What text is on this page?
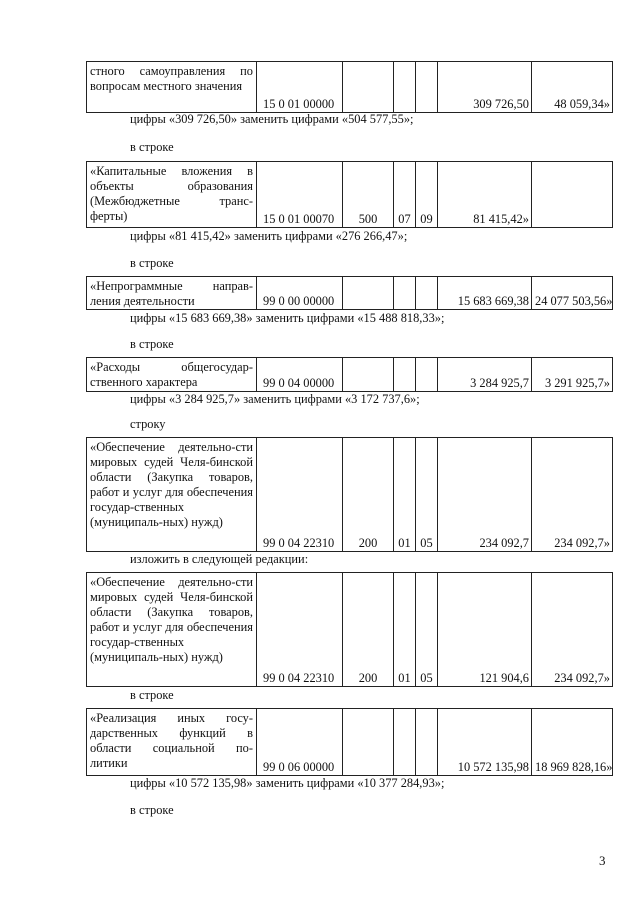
стного самоуправления по вопросам местного значения	15 0 01 00000				309 726,50	48 059,34»
цифры «309 726,50» заменить цифрами «504 577,55»;
в строке
«Капитальные вложения в объекты образования (Межбюджетные транс-ферты)	15 0 01 00070	500	07	09	81 415,42»	
цифры «81 415,42» заменить цифрами «276 266,47»;
в строке
«Непрограммные направ-ления деятельности	99 0 00 00000				15 683 669,38	24 077 503,56»
цифры «15 683 669,38» заменить цифрами «15 488 818,33»;
в строке
«Расходы общегосудар-ственного характера	99 0 04 00000				3 284 925,7	3 291 925,7»
цифры «3 284 925,7» заменить цифрами «3 172 737,6»;
строку
«Обеспечение деятельно-сти мировых судей Челя-бинской области (Закупка товаров, работ и услуг для обеспечения государ-ственных (муниципаль-ных) нужд)	99 0 04 22310	200	01	05	234 092,7	234 092,7»
изложить в следующей редакции:
«Обеспечение деятельно-сти мировых судей Челя-бинской области (Закупка товаров, работ и услуг для обеспечения государ-ственных (муниципаль-ных) нужд)	99 0 04 22310	200	01	05	121 904,6	234 092,7»
в строке
«Реализация иных госу-дарственных функций в области социальной по-литики	99 0 06 00000				10 572 135,98	18 969 828,16»
цифры «10 572 135,98» заменить цифрами «10 377 284,93»;
в строке
3
